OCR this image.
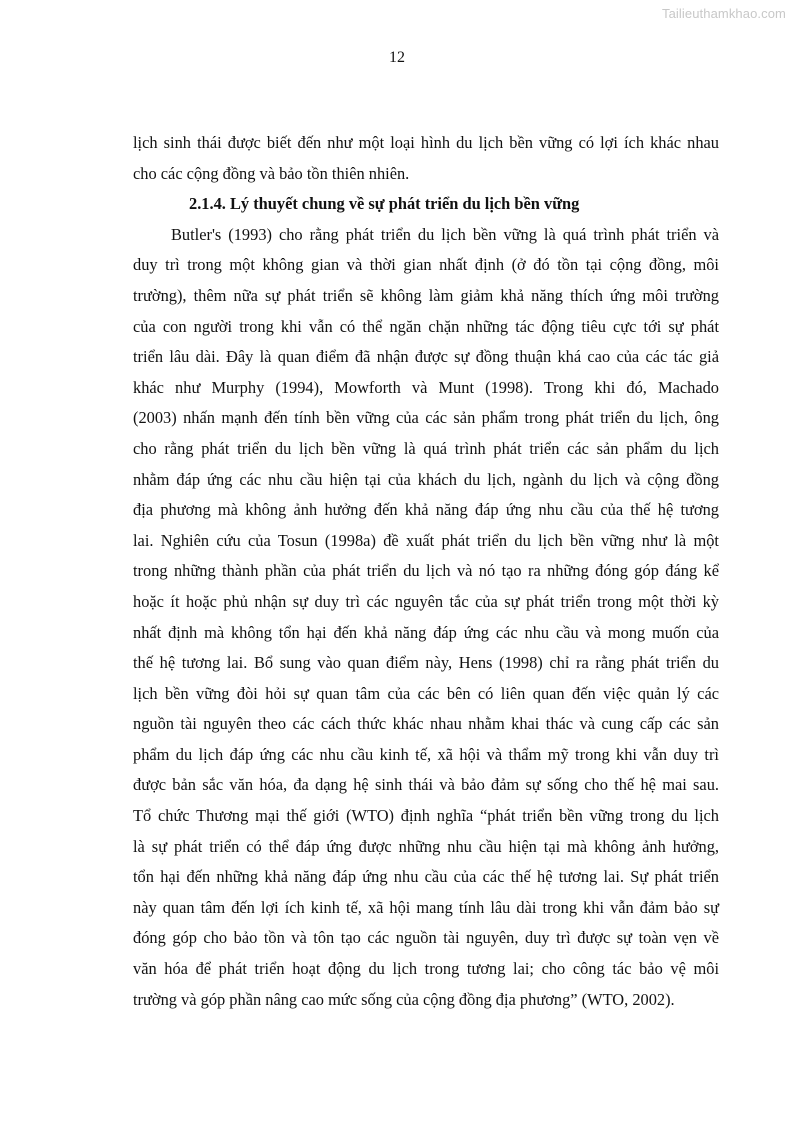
Tailieuthamkhao.com
12
lịch sinh thái được biết đến như một loại hình du lịch bền vững có lợi ích khác nhau
cho các cộng đồng và bảo tồn thiên nhiên.
2.1.4. Lý thuyết chung về sự phát triển du lịch bền vững
Butler's (1993) cho rằng phát triển du lịch bền vững là quá trình phát triển và
duy trì trong một không gian và thời gian nhất định (ở đó tồn tại cộng đồng, môi
trường), thêm nữa sự phát triển sẽ không làm giảm khả năng thích ứng môi trường
của con người trong khi vẫn có thể ngăn chặn những tác động tiêu cực tới sự phát
triển lâu dài. Đây là quan điểm đã nhận được sự đồng thuận khá cao của các tác giả
khác như Murphy (1994), Mowforth và Munt (1998). Trong khi đó, Machado
(2003) nhấn mạnh đến tính bền vững của các sản phẩm trong phát triển du lịch, ông
cho rằng phát triển du lịch bền vững là quá trình phát triển các sản phẩm du lịch
nhằm đáp ứng các nhu cầu hiện tại của khách du lịch, ngành du lịch và cộng đồng
địa phương mà không ảnh hưởng đến khả năng đáp ứng nhu cầu của thế hệ tương
lai. Nghiên cứu của Tosun (1998a) đề xuất phát triển du lịch bền vững như là một
trong những thành phần của phát triển du lịch và nó tạo ra những đóng góp đáng kể
hoặc ít hoặc phủ nhận sự duy trì các nguyên tắc của sự phát triển trong một thời kỳ
nhất định mà không tổn hại đến khả năng đáp ứng các nhu cầu và mong muốn của
thế hệ tương lai. Bổ sung vào quan điểm này, Hens (1998) chỉ ra rằng phát triển du
lịch bền vững đòi hỏi sự quan tâm của các bên có liên quan đến việc quản lý các
nguồn tài nguyên theo các cách thức khác nhau nhằm khai thác và cung cấp các sản
phẩm du lịch đáp ứng các nhu cầu kinh tế, xã hội và thẩm mỹ trong khi vẫn duy trì
được bản sắc văn hóa, đa dạng hệ sinh thái và bảo đảm sự sống cho thế hệ mai sau.
Tổ chức Thương mại thế giới (WTO) định nghĩa “phát triển bền vững trong du lịch
là sự phát triển có thể đáp ứng được những nhu cầu hiện tại mà không ảnh hưởng,
tổn hại đến những khả năng đáp ứng nhu cầu của các thế hệ tương lai. Sự phát triển
này quan tâm đến lợi ích kinh tế, xã hội mang tính lâu dài trong khi vẫn đảm bảo sự
đóng góp cho bảo tồn và tôn tạo các nguồn tài nguyên, duy trì được sự toàn vẹn về
văn hóa để phát triển hoạt động du lịch trong tương lai; cho công tác bảo vệ môi
trường và góp phần nâng cao mức sống của cộng đồng địa phương” (WTO, 2002).
